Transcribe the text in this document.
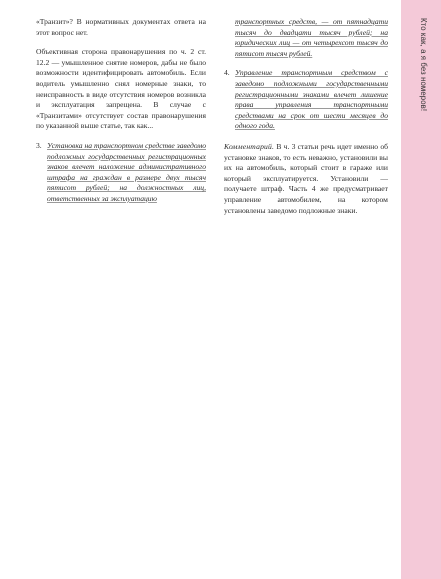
«Транзит»? В нормативных документах ответа на этот вопрос нет.

Объективная сторона правонарушения по ч. 2 ст. 12.2 — умышленное снятие номеров, дабы не было возможности идентифицировать автомобиль. Если водитель умышленно снял номерные знаки, то неисправность в виде отсутствия номеров возникла и эксплуатация запрещена. В случае с «Транзитами» отсутствует состав правонарушения по указанной выше статье, так как...

3. Установка на транспортном средстве заведомо подложных государственных регистрационных знаков влечет наложение административного штрафа на граждан в размере двух тысяч пятисот рублей; на должностных лиц, ответственных за эксплуатацию

транспортных средств, — от пятнадцати тысяч до двадцати тысяч рублей; на юридических лиц — от четырехсот тысяч до пятисот тысяч рублей.

4. Управление транспортным средством с заведомо подложными государственными регистрационными знаками влечет лишение права управления транспортными средствами на срок от шести месяцев до одного года.

Комментарий. В ч. 3 статьи речь идет именно об установке знаков, то есть неважно, установили вы их на автомобиль, который стоит в гараже или который эксплуатируется. Установили — получаете штраф. Часть 4 же предусматривает управление автомобилем, на котором установлены заведомо подложные знаки.

Кто как, а я без номеров!
